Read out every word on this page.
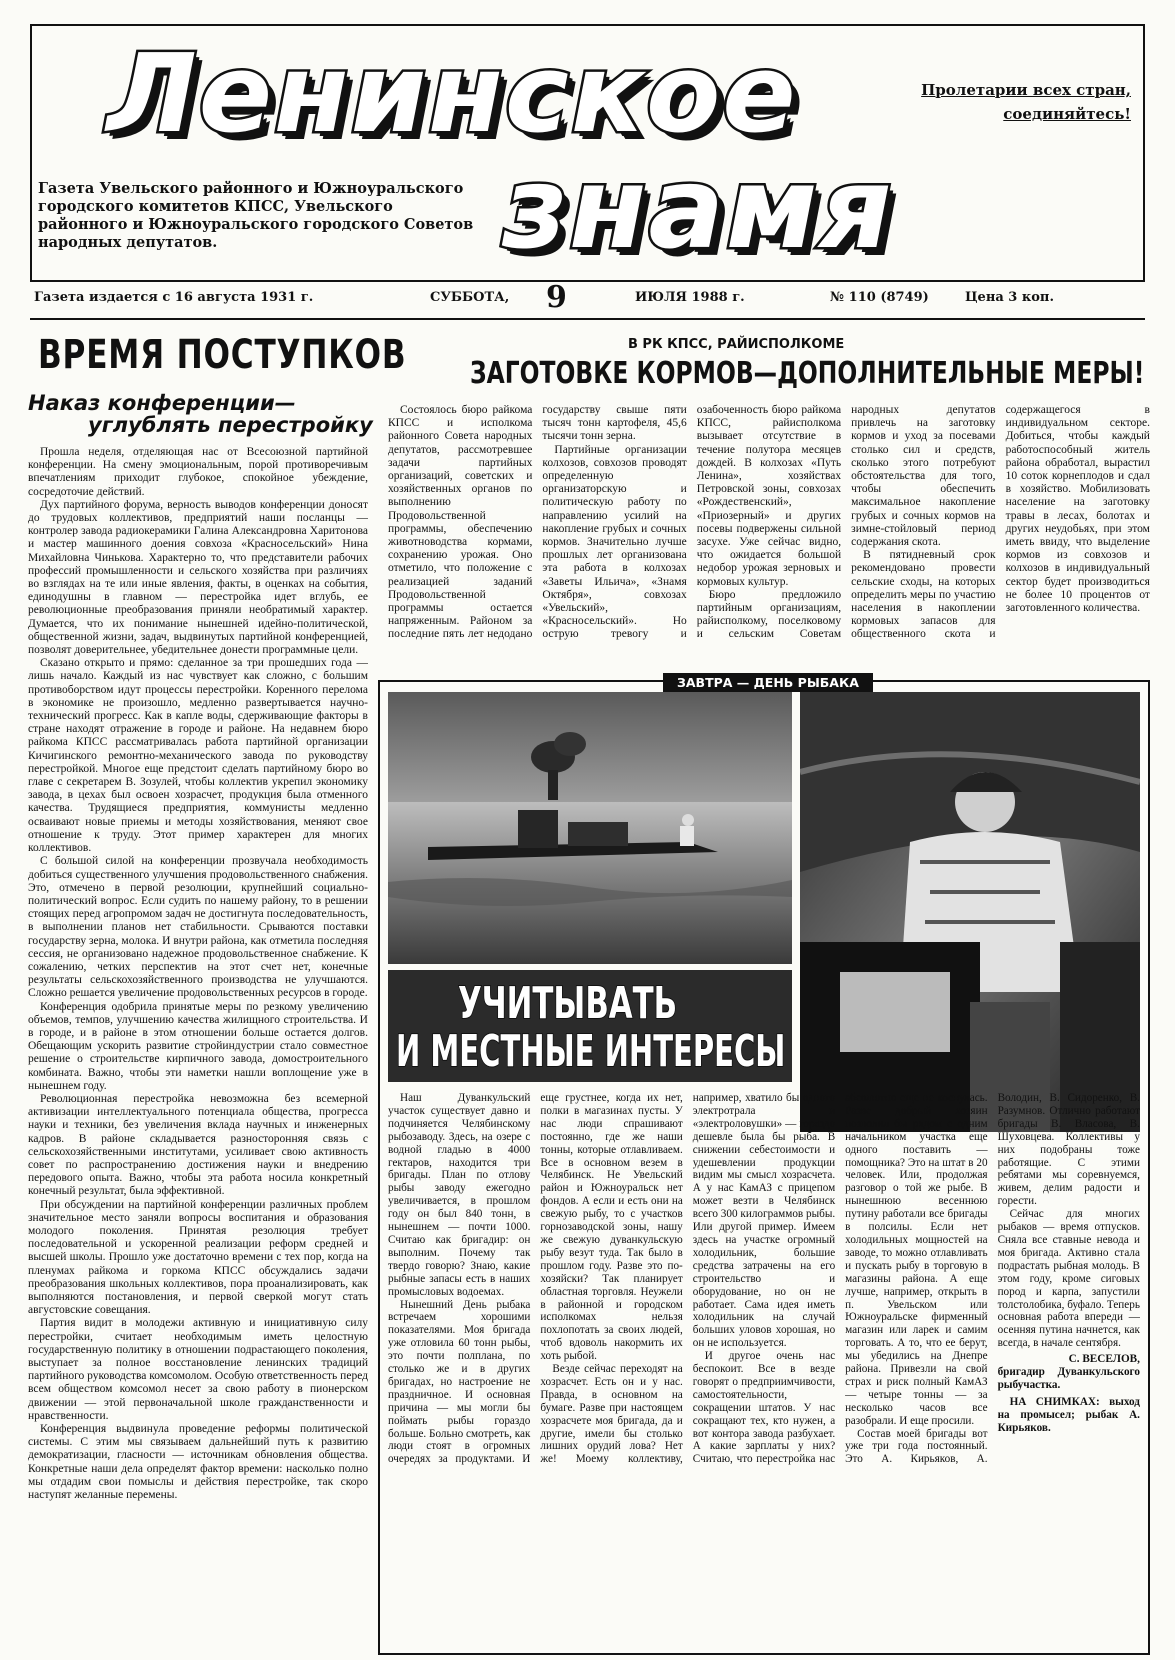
Ленинское
знамя
Пролетарии всех стран,
соединяйтесь!
Газета Увельского районного и Южноуральского городского комитетов КПСС, Увельского районного и Южноуральского городского Советов народных депутатов.
Газета издается с 16 августа 1931 г.	СУББОТА, 9	ИЮЛЯ 1988 г.	№ 110 (8749)	Цена 3 коп.
ВРЕМЯ ПОСТУПКОВ
Наказ конференции—
углублять перестройку

Прошла неделя, отделяющая нас от Всесоюзной партийной конференции. На смену эмоциональным, порой противоречивым впечатлениям приходит глубокое, спокойное убеждение, сосредоточие действий.

Дух партийного форума, верность выводов конференции доносят до трудовых коллективов, предприятий наши посланцы — контролер завода радиокерамики Галина Александровна Харитонова и мастер машинного доения совхоза «Красносельский» Нина Михайловна Чинькова. Характерно то, что представители рабочих профессий промышленности и сельского хозяйства при различиях во взглядах на те или иные явления, факты, в оценках на события, единодушны в главном — перестройка идет вглубь, ее революционные преобразования приняли необратимый характер. Думается, что их понимание нынешней идейно-политической, общественной жизни, задач, выдвинутых партийной конференцией, позволят доверительнее, убедительнее донести программные цели.

Сказано открыто и прямо: сделанное за три прошедших года — лишь начало. Каждый из нас чувствует как сложно, с большим противоборством идут процессы перестройки. Коренного перелома в экономике не произошло, медленно развертывается научно-технический прогресс. Как в капле воды, сдерживающие факторы в стране находят отражение в городе и районе. На недавнем бюро райкома КПСС рассматривалась работа партийной организации Кичигинского ремонтно-механического завода по руководству перестройкой. Многое еще предстоит сделать партийному бюро во главе с секретарем В. Зозулей, чтобы коллектив укрепил экономику завода, в цехах был освоен хозрасчет, продукция была отменного качества. Трудящиеся предприятия, коммунисты медленно осваивают новые приемы и методы хозяйствования, меняют свое отношение к труду. Этот пример характерен для многих коллективов.

С большой силой на конференции прозвучала необходимость добиться существенного улучшения продовольственного снабжения. Это, отмечено в первой резолюции, крупнейший социально-политический вопрос. Если судить по нашему району, то в решении стоящих перед агропромом задач не достигнута последовательность, в выполнении планов нет стабильности. Срываются поставки государству зерна, молока. И внутри района, как отметила последняя сессия, не организовано надежное продовольственное снабжение. К сожалению, четких перспектив на этот счет нет, конечные результаты сельскохозяйственного производства не улучшаются. Сложно решается увеличение продовольственных ресурсов в городе.

Конференция одобрила принятые меры по резкому увеличению объемов, темпов, улучшению качества жилищного строительства. И в городе, и в районе в этом отношении больше остается долгов. Обещающим ускорить развитие стройиндустрии стало совместное решение о строительстве кирпичного завода, домостроительного комбината. Важно, чтобы эти наметки нашли воплощение уже в нынешнем году.

Революционная перестройка невозможна без всемерной активизации интеллектуального потенциала общества, прогресса науки и техники, без увеличения вклада научных и инженерных кадров. В районе складывается разносторонняя связь с сельскохозяйственными институтами, усиливает свою активность совет по распространению достижения науки и внедрению передового опыта. Важно, чтобы эта работа носила конкретный конечный результат, была эффективной.

При обсуждении на партийной конференции различных проблем значительное место заняли вопросы воспитания и образования молодого поколения. Принятая резолюция требует последовательной и ускоренной реализации реформ средней и высшей школы. Прошло уже достаточно времени с тех пор, когда на пленумах райкома и горкома КПСС обсуждались задачи преобразования школьных коллективов, пора проанализировать, как выполняются постановления, и первой сверкой могут стать августовские совещания.

Партия видит в молодежи активную и инициативную силу перестройки, считает необходимым иметь целостную государственную политику в отношении подрастающего поколения, выступает за полное восстановление ленинских традиций партийного руководства комсомолом. Особую ответственность перед всем обществом комсомол несет за свою работу в пионерском движении — этой первоначальной школе гражданственности и нравственности.

Конференция выдвинула проведение реформы политической системы. С этим мы связываем дальнейший путь к развитию демократизации, гласности — источникам обновления общества. Конкретные наши дела определят фактор времени: насколько полно мы отдадим свои помыслы и действия перестройке, так скоро наступят желанные перемены.

В РК КПСС, РАЙИСПОЛКОМЕ
ЗАГОТОВКЕ КОРМОВ—ДОПОЛНИТЕЛЬНЫЕ МЕРЫ!

Состоялось бюро райкома КПСС и исполкома районного Совета народных депутатов, рассмотревшее задачи партийных организаций, советских и хозяйственных органов по выполнению Продовольственной программы, обеспечению животноводства кормами, сохранению урожая. Оно отметило, что положение с реализацией заданий Продовольственной программы остается напряженным. Районом за последние пять лет недодано государству свыше пяти тысяч тонн картофеля, 45,6 тысячи тонн зерна.

Партийные организации колхозов, совхозов проводят определенную организаторскую и политическую работу по направлению усилий на накопление грубых и сочных кормов. Значительно лучше прошлых лет организована эта работа в колхозах «Заветы Ильича», «Знамя Октября», совхозах «Увельский», «Красносельский». Но острую тревогу и озабоченность бюро райкома КПСС, райисполкома вызывает отсутствие в течение полутора месяцев дождей. В колхозах «Путь Ленина», хозяйствах Петровской зоны, совхозах «Рождественский», «Приозерный» и других посевы подвержены сильной засухе. Уже сейчас видно, что ожидается большой недобор урожая зерновых и кормовых культур.

Бюро предложило партийным организациям, райисполкому, поселковому и сельским Советам народных депутатов привлечь на заготовку кормов и уход за посевами столько сил и средств, сколько этого потребуют обстоятельства для того, чтобы обеспечить максимальное накопление грубых и сочных кормов на зимне-стойловый период содержания скота.

В пятидневный срок рекомендовано провести сельские сходы, на которых определить меры по участию населения в накоплении кормовых запасов для общественного скота и содержащегося в индивидуальном секторе. Добиться, чтобы каждый работоспособный житель района обработал, вырастил 10 соток корнеплодов и сдал в хозяйство. Мобилизовать население на заготовку травы в лесах, болотах и других неудобьях, при этом иметь ввиду, что выделение кормов из совхозов и колхозов в индивидуальный сектор будет производиться не более 10 процентов от заготовленного количества.

ЗАВТРА — ДЕНЬ РЫБАКА
УЧИТЫВАТЬ
И МЕСТНЫЕ ИНТЕРЕСЫ

Наш Дуванкульский участок существует давно и подчиняется Челябинскому рыбозаводу. Здесь, на озере с водной гладью в 4000 гектаров, находится три бригады. План по отлову рыбы заводу ежегодно увеличивается, в прошлом году он был 840 тонн, в нынешнем — почти 1000. Считаю как бригадир: он выполним. Почему так твердо говорю? Знаю, какие рыбные запасы есть в наших промысловых водоемах.

Нынешний День рыбака встречаем хорошими показателями. Моя бригада уже отловила 60 тонн рыбы, это почти полплана, по столько же и в других бригадах, но настроение не праздничное. И основная причина — мы могли бы поймать рыбы гораздо больше. Больно смотреть, как люди стоят в огромных очередях за продуктами. И еще грустнее, когда их нет, полки в магазинах пусты. У нас люди спрашивают постоянно, где же наши тонны, которые отлавливаем. Все в основном везем в Челябинск. Не Увельский район и Южноуральск нет фондов. А если и есть они на свежую рыбу, то с участков горнозаводской зоны, нашу же свежую дуванкульскую рыбу везут туда. Так было в прошлом году. Разве это по-хозяйски? Так планирует областная торговля. Неужели в районной и городском исполкомах нельзя похлопотать за своих людей, чтоб вдоволь накормить их хоть рыбой.

Везде сейчас переходят на хозрасчет. Есть он и у нас. Правда, в основном на бумаге. Разве при настоящем хозрасчете моя бригада, да и другие, имели бы столько лишних орудий лова? Нет же! Моему коллективу, например, хватило бы одного электротрала и «электроловушки» — гораздо дешевле была бы рыба. В снижении себестоимости и удешевлении продукции видим мы смысл хозрасчета. А у нас КамАЗ с прицепом может везти в Челябинск всего 300 килограммов рыбы. Или другой пример. Имеем здесь на участке огромный холодильник, большие средства затрачены на его строительство и оборудование, но он не работает. Сама идея иметь холодильник на случай больших уловов хорошая, но он не используется.

И другое очень нас беспокоит. Все в везде говорят о предприимчивости, самостоятельности, сокращении штатов. У нас сокращают тех, кто нужен, а вот контора завода разбухает. А какие зарплаты у них? Считаю, что перестройка нас абсолютно еще не коснулась. Разве добрый хозяин позволил бы рядом с одним начальником участка еще одного поставить — помощника? Это на штат в 20 человек. Или, продолжая разговор о той же рыбе. В нынешнюю весеннюю путину работали все бригады в полсилы. Если нет холодильных мощностей на заводе, то можно отлавливать и пускать рыбу в торговую в магазины района. А еще лучше, например, открыть в п. Увельском или Южноуральске фирменный магазин или ларек и самим торговать. А то, что ее берут, мы убедились на Днепре района. Привезли на свой страх и риск полный КамАЗ — четыре тонны — за несколько часов все разобрали. И еще просили.

Состав моей бригады вот уже три года постоянный. Это А. Кирьяков, А. Володин, В. Сидоренко, В. Разумнов. Отлично работают бригады В. Власова, В. Шуховцева. Коллективы у них подобраны тоже работящие. С этими ребятами мы соревнуемся, живем, делим радости и горести.

Сейчас для многих рыбаков — время отпусков. Сняла все ставные невода и моя бригада. Активно стала подрастать рыбная молодь. В этом году, кроме сиговых пород и карпа, запустили толстолобика, буфало. Теперь основная работа впереди — осенняя путина начнется, как всегда, в начале сентября.

С. ВЕСЕЛОВ,

бригадир Дуванкульского рыбучастка.

НА СНИМКАХ: выход на промысел; рыбак А. Кирьяков.
